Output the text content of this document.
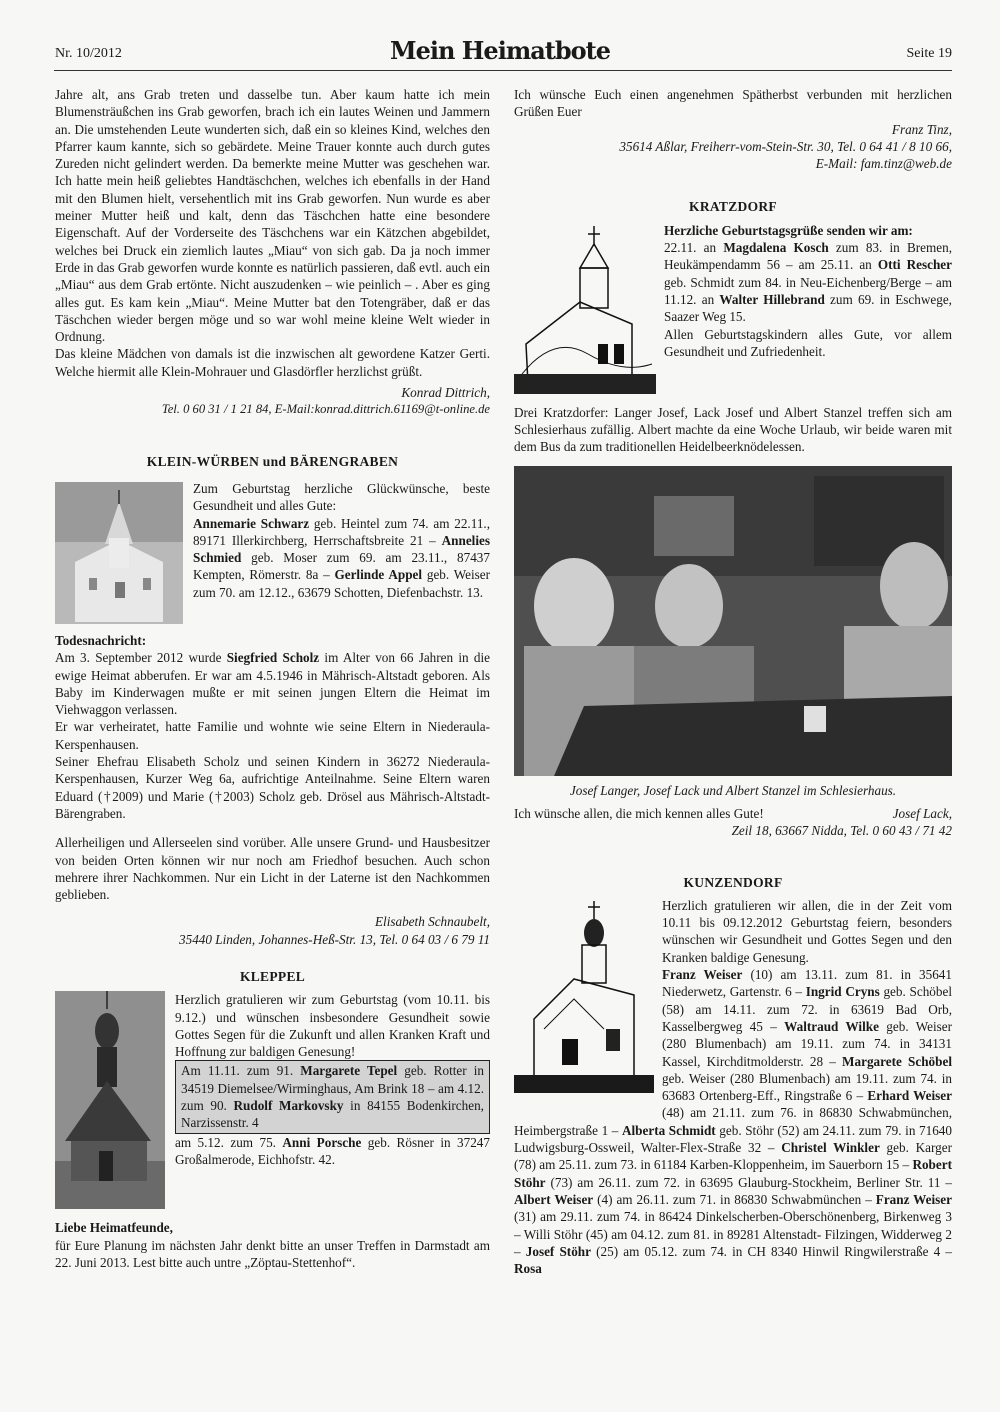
Nr. 10/2012	Mein Heimatbote	Seite 19

Jahre alt, ans Grab treten und dasselbe tun. Aber kaum hatte ich mein Blumensträußchen ins Grab geworfen, brach ich ein lautes Weinen und Jammern an. Die umstehenden Leute wunderten sich, daß ein so kleines Kind, welches den Pfarrer kaum kannte, sich so gebärdete. Meine Trauer konnte auch durch gutes Zureden nicht gelindert werden. Da bemerkte meine Mutter was geschehen war. Ich hatte mein heiß geliebtes Handtäschchen, welches ich ebenfalls in der Hand mit den Blumen hielt, versehentlich mit ins Grab geworfen. Nun wurde es aber meiner Mutter heiß und kalt, denn das Täschchen hatte eine besondere Eigenschaft. Auf der Vorderseite des Täschchens war ein Kätzchen abgebildet, welches bei Druck ein ziemlich lautes „Miau“ von sich gab. Da ja noch immer Erde in das Grab geworfen wurde konnte es natürlich passieren, daß evtl. auch ein „Miau“ aus dem Grab ertönte. Nicht auszudenken – wie peinlich – . Aber es ging alles gut. Es kam kein „Miau“. Meine Mutter bat den Totengräber, daß er das Täschchen wieder bergen möge und so war wohl meine kleine Welt wieder in Ordnung.

Das kleine Mädchen von damals ist die inzwischen alt gewordene Katzer Gerti. Welche hiermit alle Klein-Mohrauer und Glasdörfler herzlichst grüßt.

Konrad Dittrich,

Tel. 0 60 31 / 1 21 84, E-Mail:konrad.dittrich.61169@t-online.de

KLEIN-WÜRBEN und BÄRENGRABEN

Zum Geburtstag herzliche Glückwünsche, beste Gesundheit und alles Gute:

Annemarie Schwarz geb. Heintel zum 74. am 22.11., 89171 Illerkirchberg, Herrschaftsbreite 21 – Annelies Schmied geb. Moser zum 69. am 23.11., 87437 Kempten, Römerstr. 8a – Gerlinde Appel geb. Weiser zum 70. am 12.12., 63679 Schotten, Diefenbachstr. 13.

Todesnachricht:

Am 3. September 2012 wurde Siegfried Scholz im Alter von 66 Jahren in die ewige Heimat abberufen. Er war am 4.5.1946 in Mährisch-Altstadt geboren. Als Baby im Kinderwagen mußte er mit seinen jungen Eltern die Heimat im Viehwaggon verlassen.

Er war verheiratet, hatte Familie und wohnte wie seine Eltern in Niederaula-Kerspenhausen.

Seiner Ehefrau Elisabeth Scholz und seinen Kindern in 36272 Niederaula-Kerspenhausen, Kurzer Weg 6a, aufrichtige Anteilnahme. Seine Eltern waren Eduard (†2009) und Marie (†2003) Scholz geb. Drösel aus Mährisch-Altstadt-Bärengraben.

Allerheiligen und Allerseelen sind vorüber. Alle unsere Grund- und Hausbesitzer von beiden Orten können wir nur noch am Friedhof besuchen. Auch schon mehrere ihrer Nachkommen. Nur ein Licht in der Laterne ist den Nachkommen geblieben.

Elisabeth Schnaubelt,

35440 Linden, Johannes-Heß-Str. 13, Tel. 0 64 03 / 6 79 11

KLEPPEL

Herzlich gratulieren wir zum Geburtstag (vom 10.11. bis 9.12.) und wünschen insbesondere Gesundheit sowie Gottes Segen für die Zukunft und allen Kranken Kraft und Hoffnung zur baldigen Genesung!

Am 11.11. zum 91. Margarete Tepel geb. Rotter in 34519 Diemelsee/Wirminghaus, Am Brink 18 – am 4.12. zum 90. Rudolf Markovsky in 84155 Bodenkirchen, Narzissenstr. 4

am 5.12. zum 75. Anni Porsche geb. Rösner in 37247 Großalmerode, Eichhofstr. 42.

Liebe Heimatfeunde,

für Eure Planung im nächsten Jahr denkt bitte an unser Treffen in Darmstadt am 22. Juni 2013. Lest bitte auch untre „Zöptau-Stettenhof“.

Ich wünsche Euch einen angenehmen Spätherbst verbunden mit herzlichen Grüßen Euer

Franz Tinz,

35614 Aßlar, Freiherr-vom-Stein-Str. 30, Tel. 0 64 41 / 8 10 66,

E-Mail: fam.tinz@web.de

KRATZDORF

Herzliche Geburtstagsgrüße senden wir am:

22.11. an Magdalena Kosch zum 83. in Bremen, Heukämpendamm 56 – am 25.11. an Otti Rescher geb. Schmidt zum 84. in Neu-Eichenberg/Berge – am 11.12. an Walter Hillebrand zum 69. in Eschwege, Saazer Weg 15.

Allen Geburtstagskindern alles Gute, vor allem Gesundheit und Zufriedenheit.

Drei Kratzdorfer: Langer Josef, Lack Josef und Albert Stanzel treffen sich am Schlesierhaus zufällig. Albert machte da eine Woche Urlaub, wir beide waren mit dem Bus da zum traditionellen Heidelbeerknödelessen.

Josef Langer, Josef Lack und Albert Stanzel im Schlesierhaus.

Ich wünsche allen, die mich kennen alles Gute!	Josef Lack,

Zeil 18, 63667 Nidda, Tel. 0 60 43 / 71 42

KUNZENDORF

Herzlich gratulieren wir allen, die in der Zeit vom 10.11 bis 09.12.2012 Geburtstag feiern, besonders wünschen wir Gesundheit und Gottes Segen und den Kranken baldige Genesung.

Franz Weiser (10) am 13.11. zum 81. in 35641 Niederwetz, Gartenstr. 6 – Ingrid Cryns geb. Schöbel (58) am 14.11. zum 72. in 63619 Bad Orb, Kasselbergweg 45 – Waltraud Wilke geb. Weiser (280 Blumenbach) am 19.11. zum 74. in 34131 Kassel, Kirchditmolderstr. 28 – Margarete Schöbel geb. Weiser (280 Blumenbach) am 19.11. zum 74. in 63683 Ortenberg-Eff., Ringstraße 6 – Erhard Weiser (48) am 21.11. zum 76. in 86830 Schwabmünchen, Heimbergstraße 1 – Alberta Schmidt geb. Stöhr (52) am 24.11. zum 79. in 71640 Ludwigsburg-Ossweil, Walter-Flex-Straße 32 – Christel Winkler geb. Karger (78) am 25.11. zum 73. in 61184 Karben-Kloppenheim, im Sauerborn 15 – Robert Stöhr (73) am 26.11. zum 72. in 63695 Glauburg-Stockheim, Berliner Str. 11 – Albert Weiser (4) am 26.11. zum 71. in 86830 Schwabmünchen – Franz Weiser (31) am 29.11. zum 74. in 86424 Dinkelscherben-Oberschönenberg, Birkenweg 3 – Willi Stöhr (45) am 04.12. zum 81. in 89281 Altenstadt- Filzingen, Widderweg 2 – Josef Stöhr (25) am 05.12. zum 74. in CH 8340 Hinwil Ringwilerstraße 4 – Rosa
